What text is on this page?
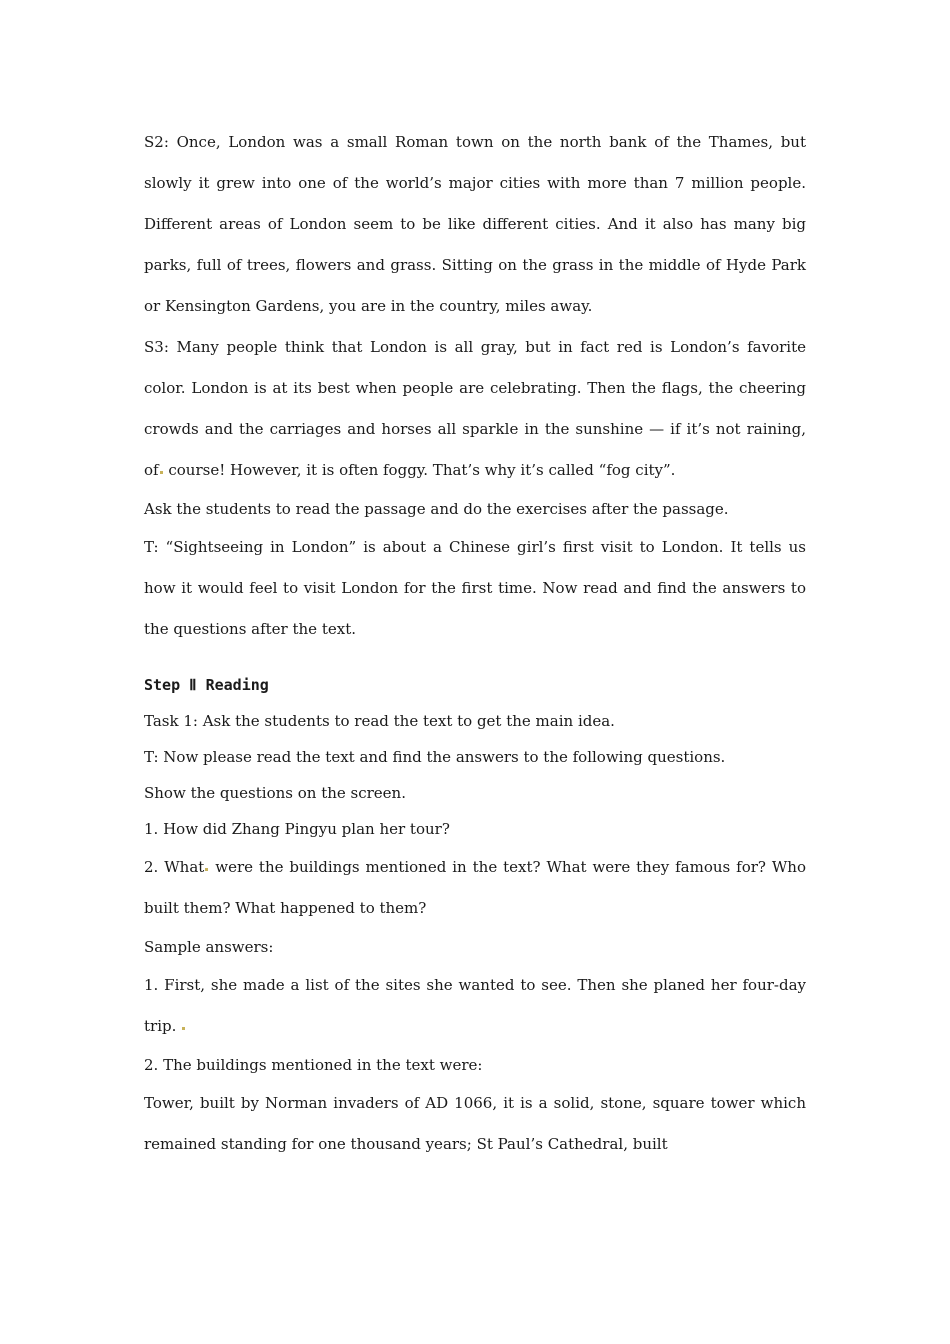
S2: Once, London was a small Roman town on the north bank of the Thames, but slowly it grew into one of the world’s major cities with more than 7 million people. Different areas of London seem to be like different cities. And it also has many big parks, full of trees, flowers and grass. Sitting on the grass in the middle of Hyde Park or Kensington Gardens, you are in the country, miles away.

S3: Many people think that London is all gray, but in fact red is London’s favorite color. London is at its best when people are celebrating. Then the flags, the cheering crowds and the carriages and horses all sparkle in the sunshine — if it’s not raining, of course! However, it is often foggy. That’s why it’s called “fog city”.

Ask the students to read the passage and do the exercises after the passage.

T: “Sightseeing in London” is about a Chinese girl’s first visit to London. It tells us how it would feel to visit London for the first time. Now read and find the answers to the questions after the text.

Step Ⅱ Reading

Task 1: Ask the students to read the text to get the main idea.

T: Now please read the text and find the answers to the following questions.

Show the questions on the screen.

1. How did Zhang Pingyu plan her tour?

2. What were the buildings mentioned in the text? What were they famous for? Who built them? What happened to them?

Sample answers:

1. First, she made a list of the sites she wanted to see. Then she planed her four-day trip.

2. The buildings mentioned in the text were:

Tower, built by Norman invaders of AD 1066, it is a solid, stone, square tower which remained standing for one thousand years; St Paul’s Cathedral, built
